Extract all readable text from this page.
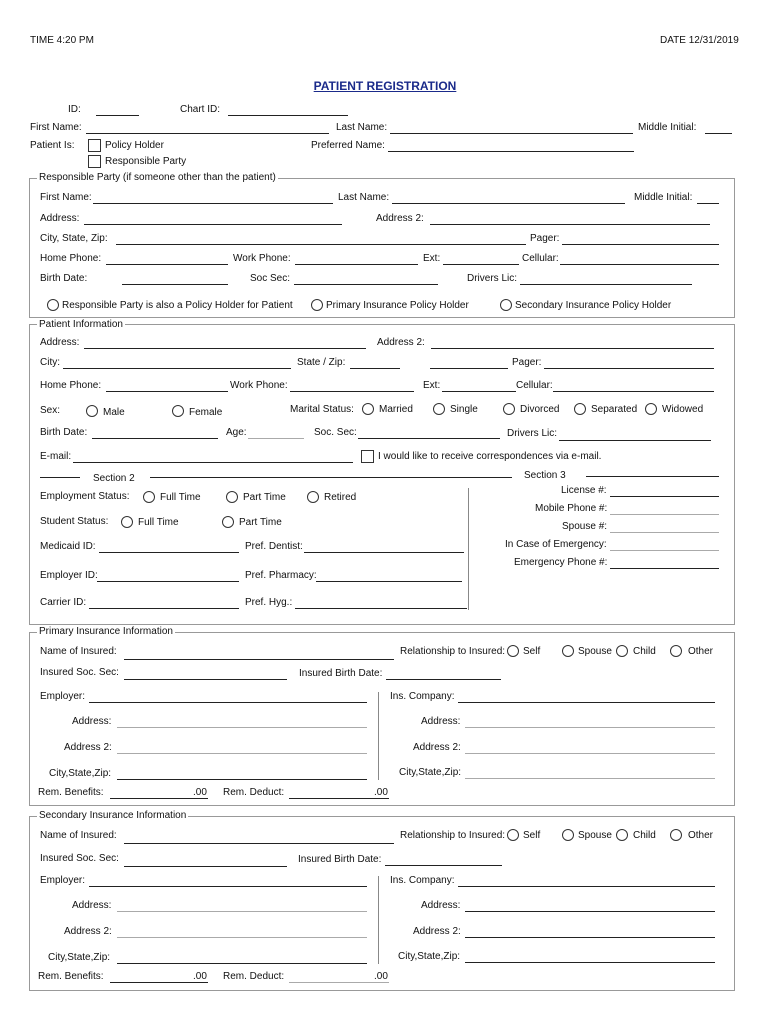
TIME 4:20 PM	DATE 12/31/2019
PATIENT REGISTRATION
ID:	Chart ID:
First Name:	Last Name:	Middle Initial:
Patient Is:	Policy Holder
Responsible Party
Preferred Name:
Responsible Party (if someone other than the patient)
First Name:	Last Name:	Middle Initial:
Address:	Address 2:
City, State, Zip:	Pager:
Home Phone:	Work Phone:	Ext:	Cellular:
Birth Date:	Soc Sec:	Drivers Lic:
Responsible Party is also a Policy Holder for Patient	Primary Insurance Policy Holder	Secondary Insurance Policy Holder
Patient Information
Address:	Address 2:
City:	State / Zip:	Pager:
Home Phone:	Work Phone:	Ext:	Cellular:
Sex:	Male	Female	Marital Status:	Married	Single	Divorced	Separated Widowed
Birth Date:	Age:	Soc. Sec:	Drivers Lic:
E-mail:	I would like to receive correspondences via e-mail.
Section 2
Employment Status:	Full Time	Part Time	Retired
Student Status:	Full Time	Part Time
Medicaid ID:	Pref. Dentist:
Employer ID:	Pref. Pharmacy:
Carrier ID:	Pref. Hyg.:
Section 3
License #:
Mobile Phone #:
Spouse #:
In Case of Emergency:
Emergency Phone #:
Primary Insurance Information
Name of Insured:	Relationship to Insured: Self	Spouse Child	Other
Insured Soc. Sec:	Insured Birth Date:
Employer:	Ins. Company:
Address:	Address:
Address 2:	Address 2:
City,State,Zip:	City,State,Zip:
Rem. Benefits:	.00 Rem. Deduct:	.00
Secondary Insurance Information
Name of Insured:	Relationship to Insured: Self	Spouse Child	Other
Insured Soc. Sec:	Insured Birth Date:
Employer:	Ins. Company:
Address:	Address:
Address 2:	Address 2:
City,State,Zip:	City,State,Zip:
Rem. Benefits:	.00 Rem. Deduct:	.00
